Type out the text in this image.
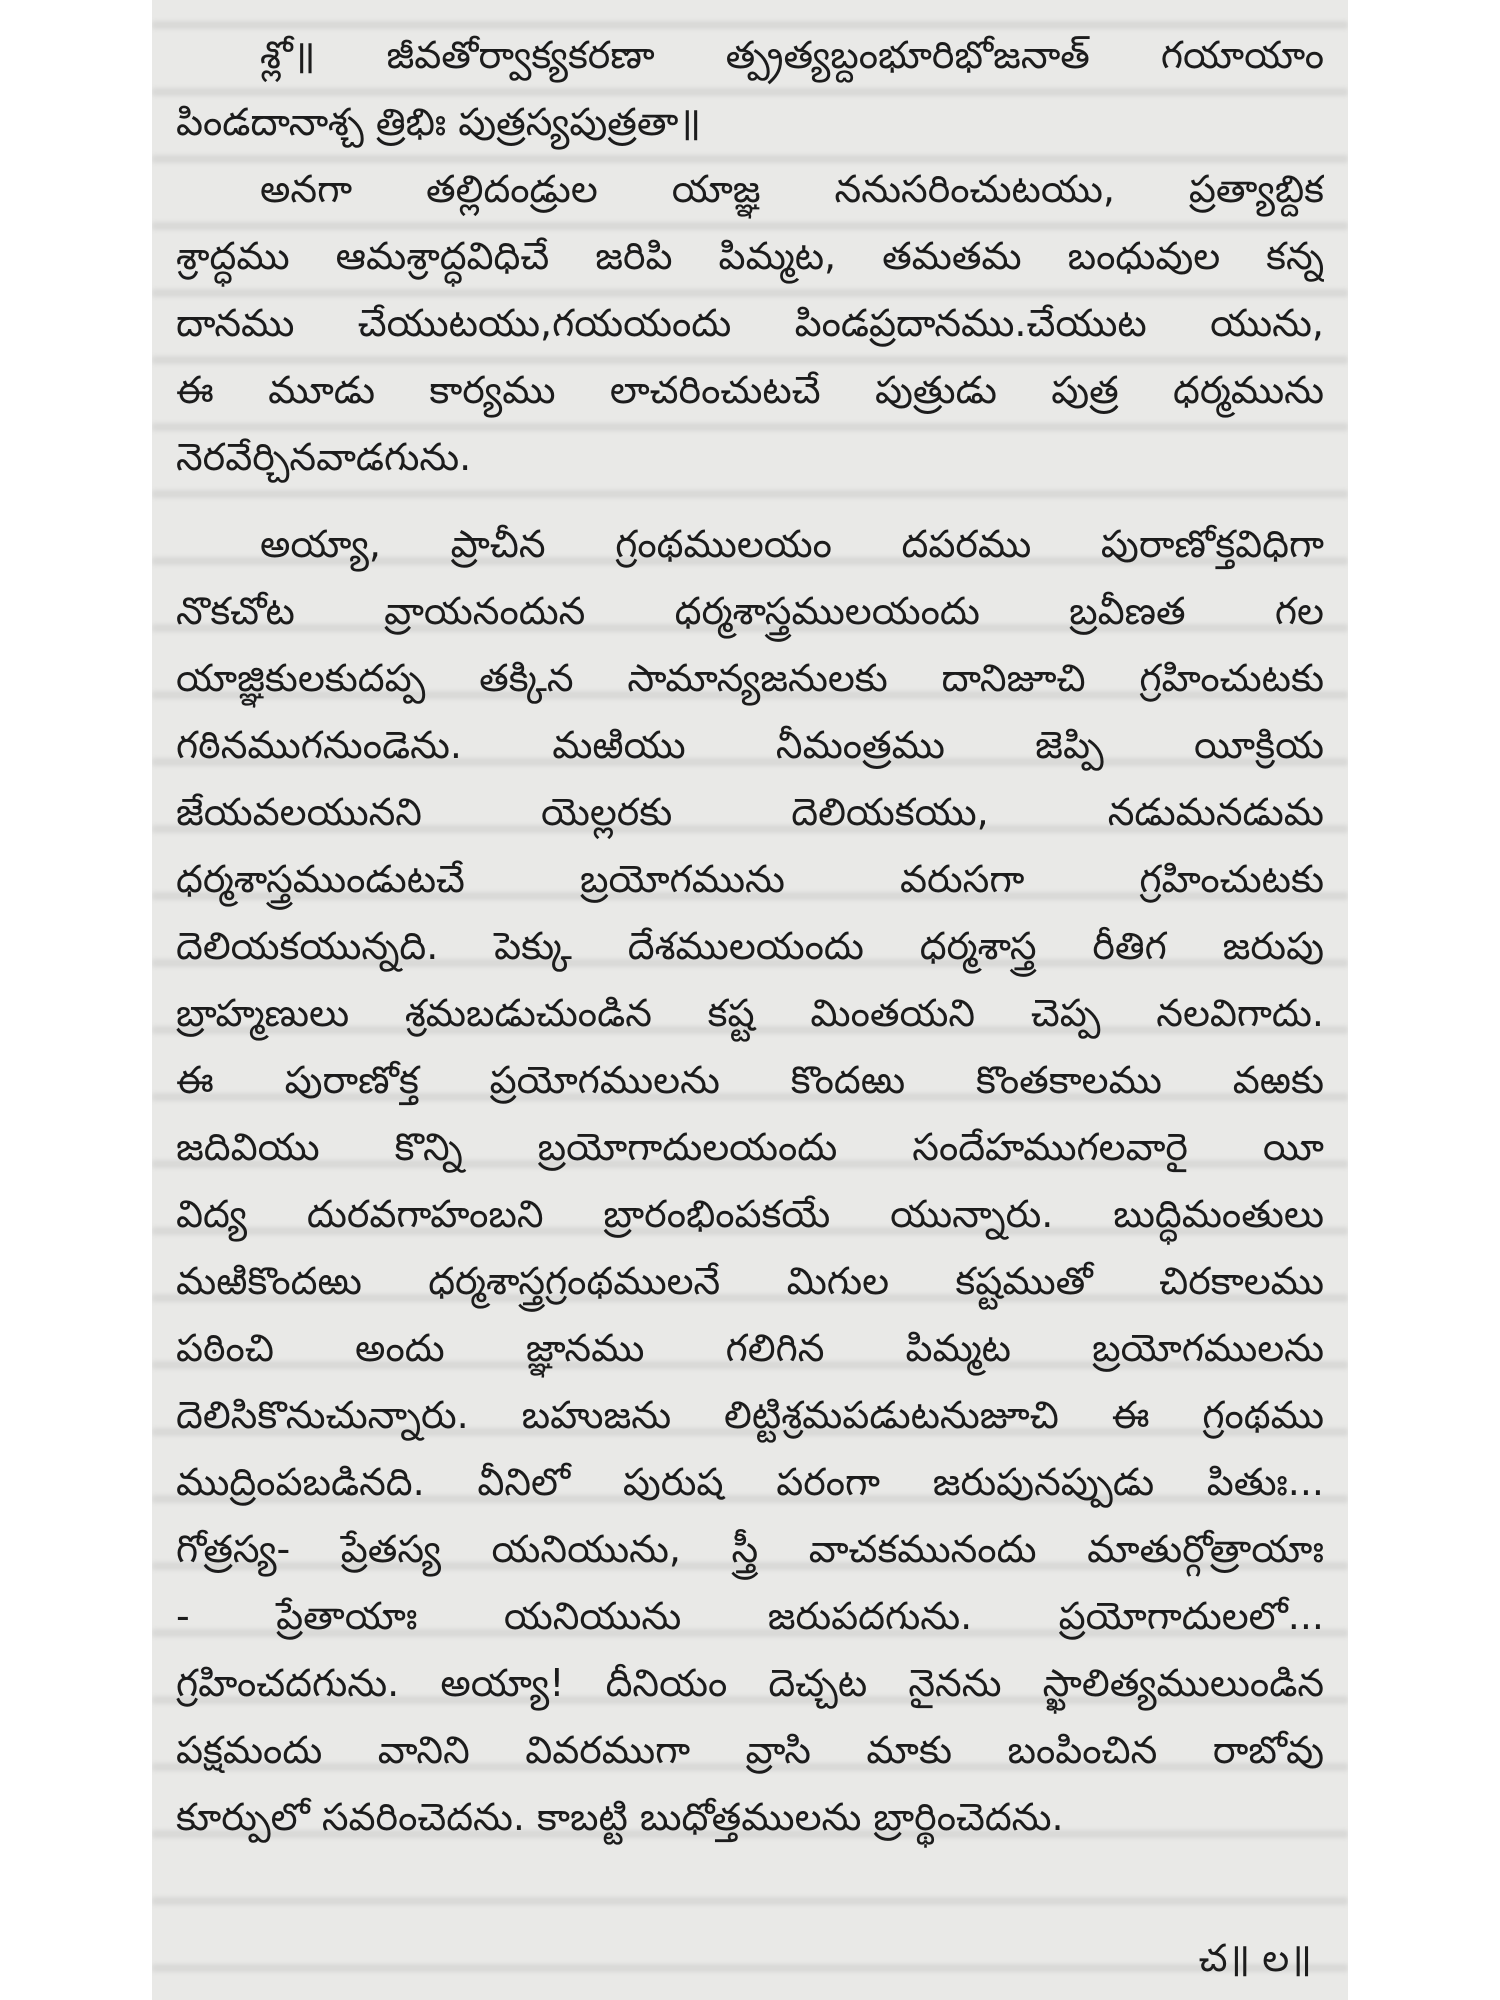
శ్లో॥ జీవతోర్వాక్యకరణా త్ప్రత్యబ్దంభూరిభోజనాత్ గయాయాం
పిండదానాశ్చ త్రిభిః పుత్రస్యపుత్రతా॥
అనగా తల్లిదండ్రుల యాజ్ఞ ననుసరించుటయు, ప్రత్యాబ్దిక
శ్రాద్ధము ఆమశ్రాద్ధవిధిచే జరిపి పిమ్మట, తమతమ బంధువుల కన్న
దానము చేయుటయు,గయయందు పిండప్రదానము.చేయుట యును,
ఈ మూడు కార్యము లాచరించుటచే పుత్రుడు పుత్ర ధర్మమును
నెరవేర్చినవాడగును.
అయ్యా, ప్రాచీన గ్రంథములయం దపరము పురాణోక్తవిధిగా
నొకచోట వ్రాయనందున ధర్మశాస్త్రములయందు బ్రవీణత గల
యాజ్ఞికులకుదప్ప తక్కిన సామాన్యజనులకు దానిజూచి గ్రహించుటకు
గఠినముగనుండెను. మఱియు నీమంత్రము జెప్పి యీక్రియ
జేయవలయునని యెల్లరకు దెలియకయు, నడుమనడుమ
ధర్మశాస్త్రముండుటచే బ్రయోగమును వరుసగా గ్రహించుటకు
దెలియకయున్నది. పెక్కు దేశములయందు ధర్మశాస్త్ర రీతిగ జరుపు
బ్రాహ్మణులు శ్రమబడుచుండిన కష్ట మింతయని చెప్ప నలవిగాదు.
ఈ పురాణోక్త ప్రయోగములను కొందఱు కొంతకాలము వఱకు
జదివియు కొన్ని బ్రయోగాదులయందు సందేహముగలవారై యీ
విద్య దురవగాహంబని బ్రారంభింపకయే యున్నారు. బుద్ధిమంతులు
మఱికొందఱు ధర్మశాస్త్రగ్రంథములనే మిగుల కష్టముతో చిరకాలము
పఠించి అందు జ్ఞానము గలిగిన పిమ్మట బ్రయోగములను
దెలిసికొనుచున్నారు. బహుజను లిట్టిశ్రమపడుటనుజూచి ఈ గ్రంథము
ముద్రింపబడినది. వీనిలో పురుష పరంగా జరుపునప్పుడు పితుః...
గోత్రస్య- ప్రేతస్య యనియును, స్త్రీ వాచకమునందు మాతుర్గోత్రాయాః
- ప్రేతాయాః యనియును జరుపదగును. ప్రయోగాదులలో...
గ్రహించదగును. అయ్యా! దీనియం దెచ్చట నైనను స్ఖాలిత్యములుండిన
పక్షమందు వానిని వివరముగా వ్రాసి మాకు బంపించిన రాబోవు
కూర్పులో సవరించెదను. కాబట్టి బుధోత్తములను బ్రార్థించెదను.
చ॥ ల॥
